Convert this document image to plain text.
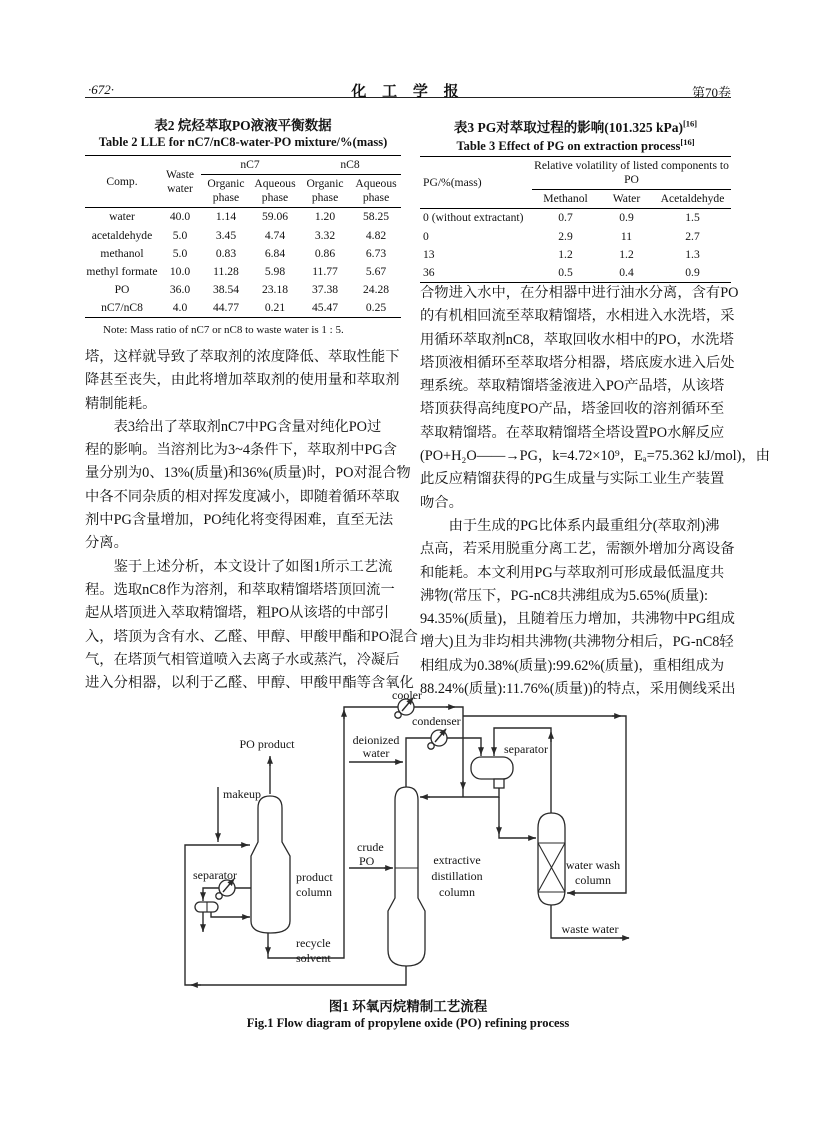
·672·	化 工 学 报	第70卷
表2 烷烃萃取PO液液平衡数据
Table 2 LLE for nC7/nC8-water-PO mixture/%(mass)
Comp.	Waste water	nC7		nC8	
		Organic phase	Aqueous phase	Organic phase	Aqueous phase
water	40.0	1.14	59.06	1.20	58.25
acetaldehyde	5.0	3.45	4.74	3.32	4.82
methanol	5.0	0.83	6.84	0.86	6.73
methyl formate	10.0	11.28	5.98	11.77	5.67
PO	36.0	38.54	23.18	37.38	24.28
nC7/nC8	4.0	44.77	0.21	45.47	0.25
Note: Mass ratio of nC7 or nC8 to waste water is 1 : 5.
表3 PG对萃取过程的影响(101.325 kPa)[16]
Table 3 Effect of PG on extraction process[16]
PG/%(mass)	Relative volatility of listed components to PO		
	Methanol	Water	Acetaldehyde
0 (without extractant)	0.7	0.9	1.5
0	2.9	11	2.7
13	1.2	1.2	1.3
36	0.5	0.4	0.9
塔，这样就导致了萃取剂的浓度降低、萃取性能下
降甚至丧失，由此将增加萃取剂的使用量和萃取剂
精制能耗。
　　表3给出了萃取剂nC7中PG含量对纯化PO过
程的影响。当溶剂比为3~4条件下，萃取剂中PG含
量分别为0、13%(质量)和36%(质量)时，PO对混合物
中各不同杂质的相对挥发度减小，即随着循环萃取
剂中PG含量增加，PO纯化将变得困难，直至无法
分离。
　　鉴于上述分析，本文设计了如图1所示工艺流
程。选取nC8作为溶剂，和萃取精馏塔塔顶回流一
起从塔顶进入萃取精馏塔，粗PO从该塔的中部引
入，塔顶为含有水、乙醛、甲醇、甲酸甲酯和PO混合
气，在塔顶气相管道喷入去离子水或蒸汽，冷凝后
进入分相器，以利于乙醛、甲醇、甲酸甲酯等含氧化
合物进入水中，在分相器中进行油水分离，含有PO
的有机相回流至萃取精馏塔，水相进入水洗塔，采
用循环萃取剂nC8，萃取回收水相中的PO，水洗塔
塔顶液相循环至萃取塔分相器，塔底废水进入后处
理系统。萃取精馏塔釜液进入PO产品塔，从该塔
塔顶获得高纯度PO产品，塔釜回收的溶剂循环至
萃取精馏塔。在萃取精馏塔全塔设置PO水解反应
(PO+H₂O——→PG，k=4.72×10⁹，Eₐ=75.362 kJ/mol)，由
此反应精馏获得的PG生成量与实际工业生产装置
吻合。
　　由于生成的PG比体系内最重组分(萃取剂)沸
点高，若采用脱重分离工艺，需额外增加分离设备
和能耗。本文利用PG与萃取剂可形成最低温度共
沸物(常压下，PG-nC8共沸组成为5.65%(质量):
94.35%(质量)，且随着压力增加，共沸物中PG组成
增大)且为非均相共沸物(共沸物分相后，PG-nC8轻
相组成为0.38%(质量):99.62%(质量)，重相组成为
88.24%(质量):11.76%(质量))的特点，采用侧线采出
cooler
condenser
deionized
water	separator
PO product
makeup
separator	product
column
recycle
solvent
crude
PO	extractive
distillation
column
water wash
column
waste water
图1 环氧丙烷精制工艺流程
Fig.1 Flow diagram of propylene oxide (PO) refining process
